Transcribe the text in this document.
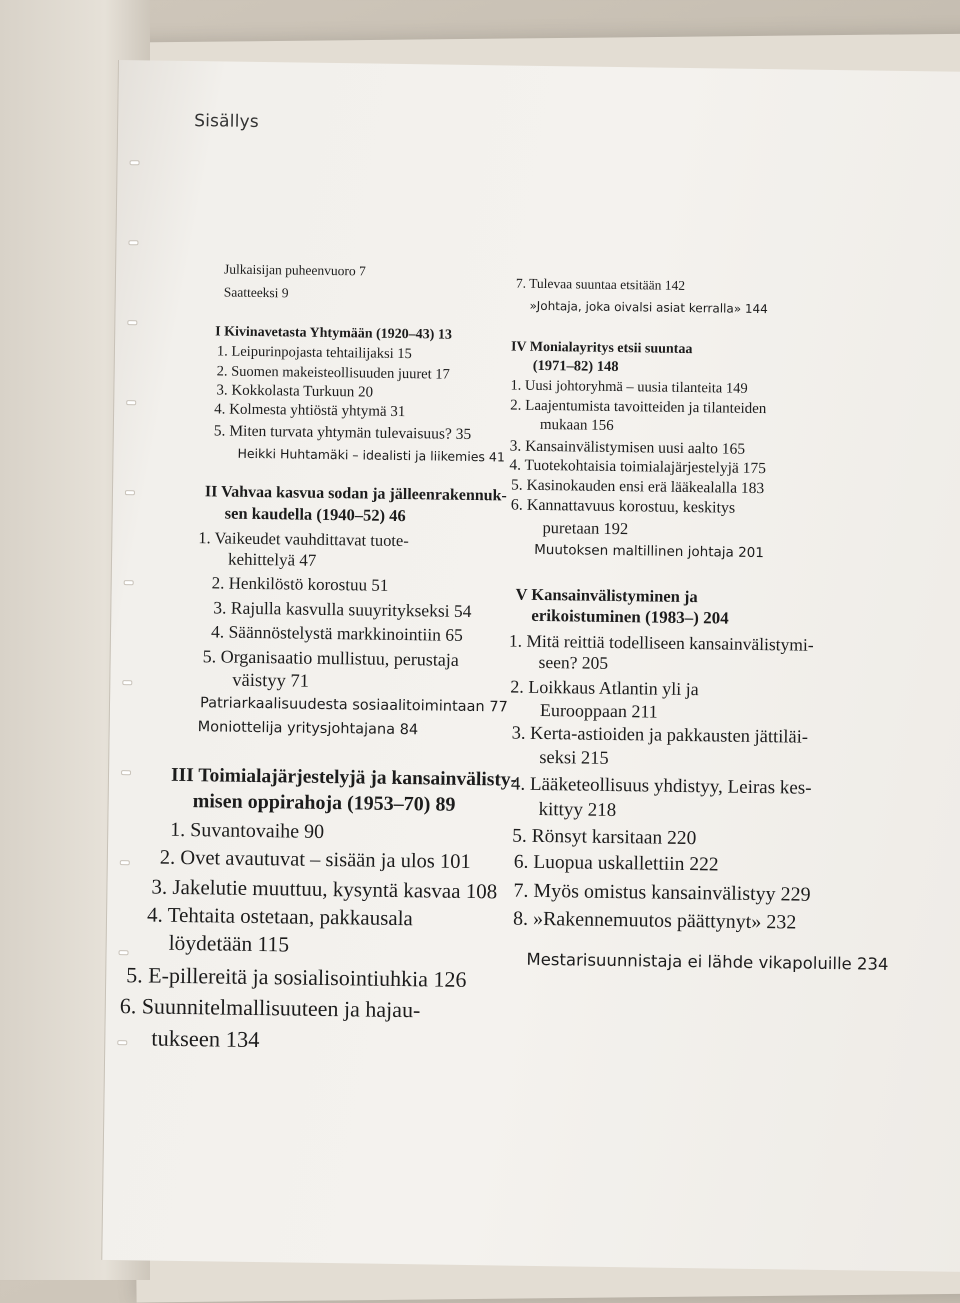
Sisällys
Julkaisijan puheenvuoro 7
Saatteeksi 9
I Kivinavetasta Yhtymään (1920–43) 13
1. Leipurinpojasta tehtailijaksi 15
2. Suomen makeisteollisuuden juuret 17
3. Kokkolasta Turkuun 20
4. Kolmesta yhtiöstä yhtymä 31
5. Miten turvata yhtymän tulevaisuus? 35
Heikki Huhtamäki – idealisti ja liikemies 41
II Vahvaa kasvua sodan ja jälleenrakennuk-
sen kaudella (1940–52) 46
1. Vaikeudet vauhdittavat tuote-
kehittelyä 47
2. Henkilöstö korostuu 51
3. Rajulla kasvulla suuyritykseksi 54
4. Säännöstelystä markkinointiin 65
5. Organisaatio mullistuu, perustaja
väistyy 71
Patriarkaalisuudesta sosiaalitoimintaan 77
Moniottelija yritysjohtajana 84
III Toimialajärjestelyjä ja kansainvälisty-
misen oppirahoja (1953–70) 89
1. Suvantovaihe 90
2. Ovet avautuvat – sisään ja ulos 101
3. Jakelutie muuttuu, kysyntä kasvaa 108
4. Tehtaita ostetaan, pakkausala
löydetään 115
5. E-pillereitä ja sosialisointiuhkia 126
6. Suunnitelmallisuuteen ja hajau-
tukseen 134
7. Tulevaa suuntaa etsitään 142
»Johtaja, joka oivalsi asiat kerralla» 144
IV Monialayritys etsii suuntaa
(1971–82) 148
1. Uusi johtoryhmä – uusia tilanteita 149
2. Laajentumista tavoitteiden ja tilanteiden
mukaan 156
3. Kansainvälistymisen uusi aalto 165
4. Tuotekohtaisia toimialajärjestelyjä 175
5. Kasinokauden ensi erä lääkealalla 183
6. Kannattavuus korostuu, keskitys
puretaan 192
Muutoksen maltillinen johtaja 201
V Kansainvälistyminen ja
erikoistuminen (1983–) 204
1. Mitä reittiä todelliseen kansainvälistymi-
seen? 205
2. Loikkaus Atlantin yli ja
Eurooppaan 211
3. Kerta-astioiden ja pakkausten jättiläi-
seksi 215
4. Lääketeollisuus yhdistyy, Leiras kes-
kittyy 218
5. Rönsyt karsitaan 220
6. Luopua uskallettiin 222
7. Myös omistus kansainvälistyy 229
8. »Rakennemuutos päättynyt» 232
Mestarisuunnistaja ei lähde vikapoluille 234
